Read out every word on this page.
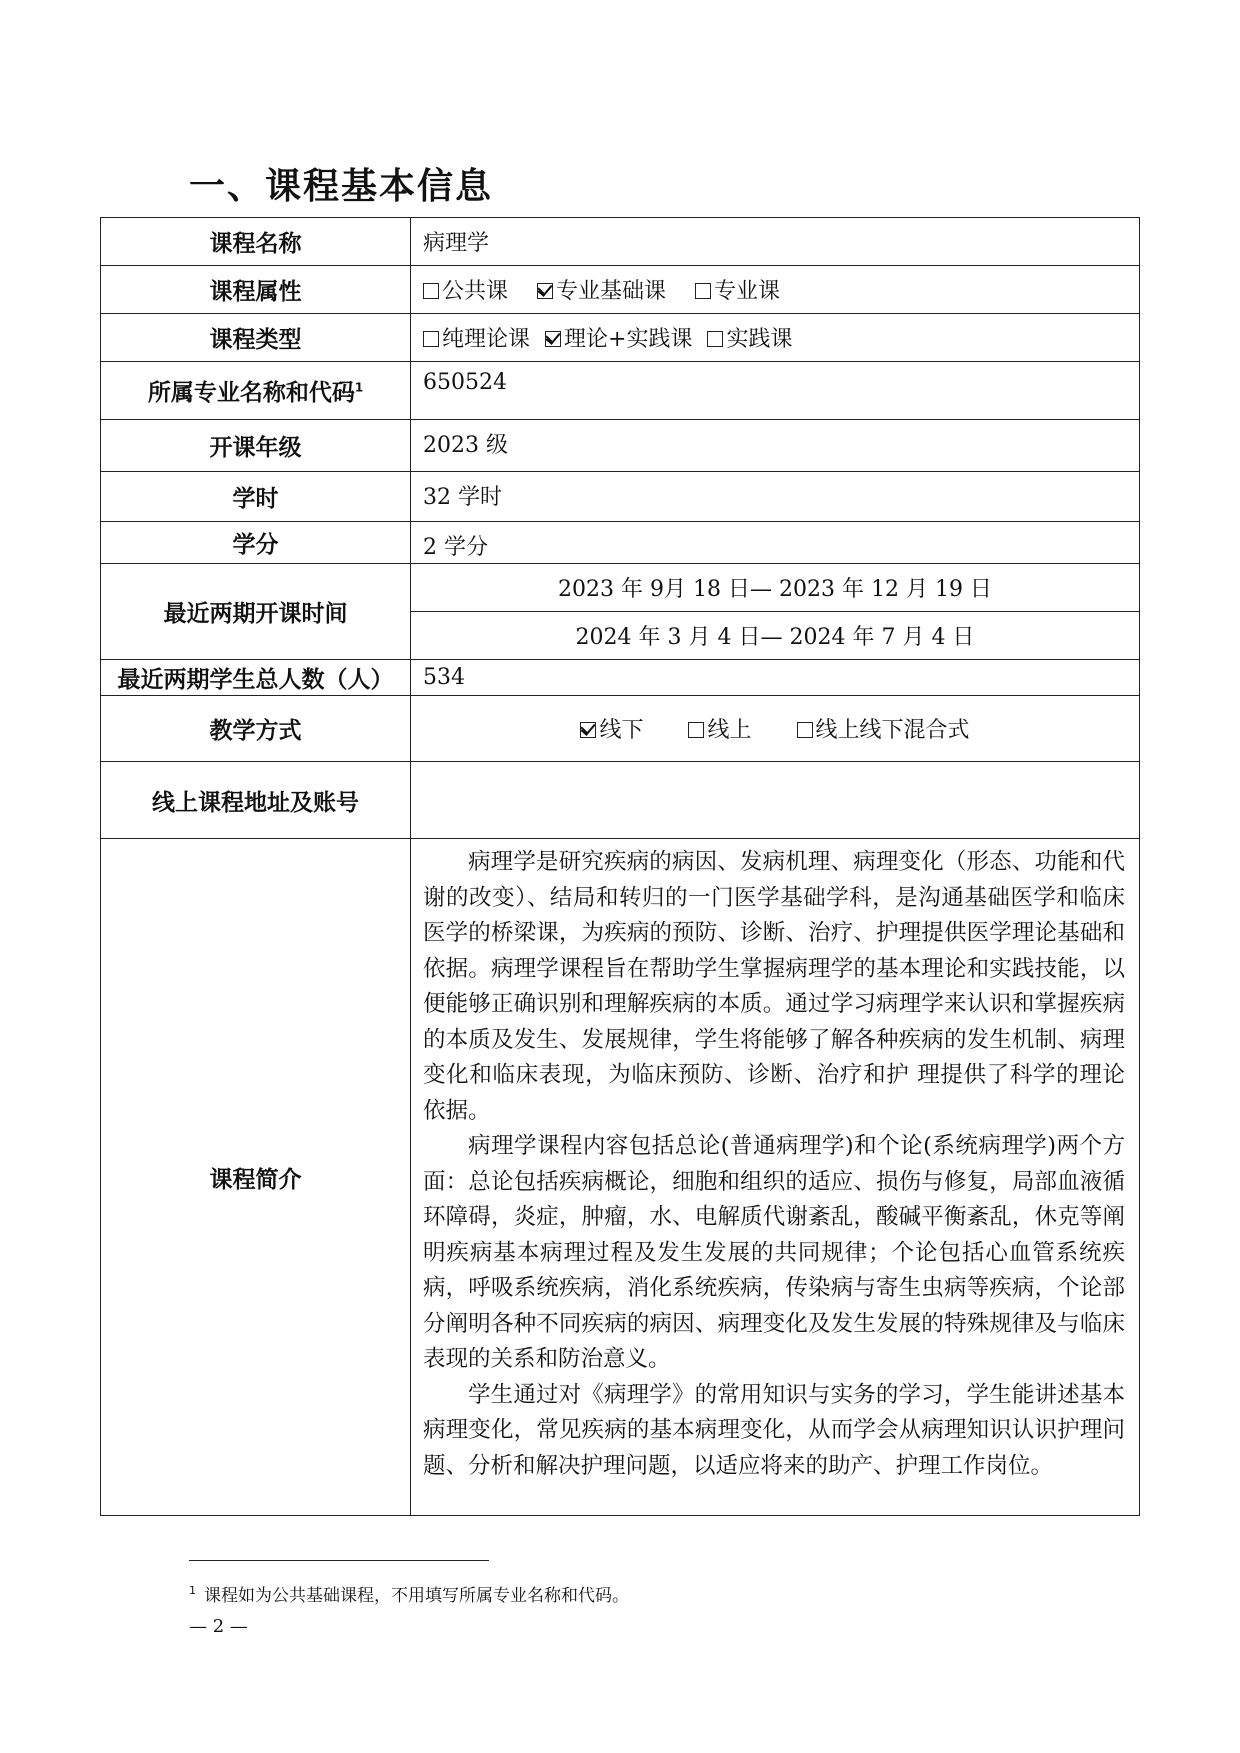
一、课程基本信息
课程名称	病理学
课程属性	公共课 专业基础课 专业课
课程类型	纯理论课 理论+实践课 实践课
所属专业名称和代码$^1$	650524
开课年级	2023 级
学时	32 学时
学分	2 学分
最近两期开课时间	2023 年 9月 18 日— 2023 年 12 月 19 日
	2024 年 3 月 4 日— 2024 年 7 月 4 日
最近两期学生总人数（人）	534
教学方式	线下 线上 线上线下混合式
线上课程地址及账号	
课程简介	病理学是研究疾病的病因、发病机理、病理变化（形态、功能和代谢的改变）、结局和转归的一门医学基础学科，是沟通基础医学和临床医学的桥梁课，为疾病的预防、诊断、治疗、护理提供医学理论基础和依据。病理学课程旨在帮助学生掌握病理学的基本理论和实践技能，以便能够正确识别和理解疾病的本质。通过学习病理学来认识和掌握疾病的本质及发生、发展规律，学生将能够了解各种疾病的发生机制、病理变化和临床表现，为临床预防、诊断、治疗和护 理提供了科学的理论依据。

病理学课程内容包括总论(普通病理学)和个论(系统病理学)两个方面：总论包括疾病概论，细胞和组织的适应、损伤与修复，局部血液循环障碍，炎症，肿瘤，水、电解质代谢紊乱，酸碱平衡紊乱，休克等阐明疾病基本病理过程及发生发展的共同规律；个论包括心血管系统疾病，呼吸系统疾病，消化系统疾病，传染病与寄生虫病等疾病，个论部分阐明各种不同疾病的病因、病理变化及发生发展的特殊规律及与临床表现的关系和防治意义。

学生通过对《病理学》的常用知识与实务的学习，学生能讲述基本病理变化，常见疾病的基本病理变化，从而学会从病理知识认识护理问题、分析和解决护理问题，以适应将来的助产、护理工作岗位。

$^1$ 课程如为公共基础课程，不用填写所属专业名称和代码。
— 2 —
